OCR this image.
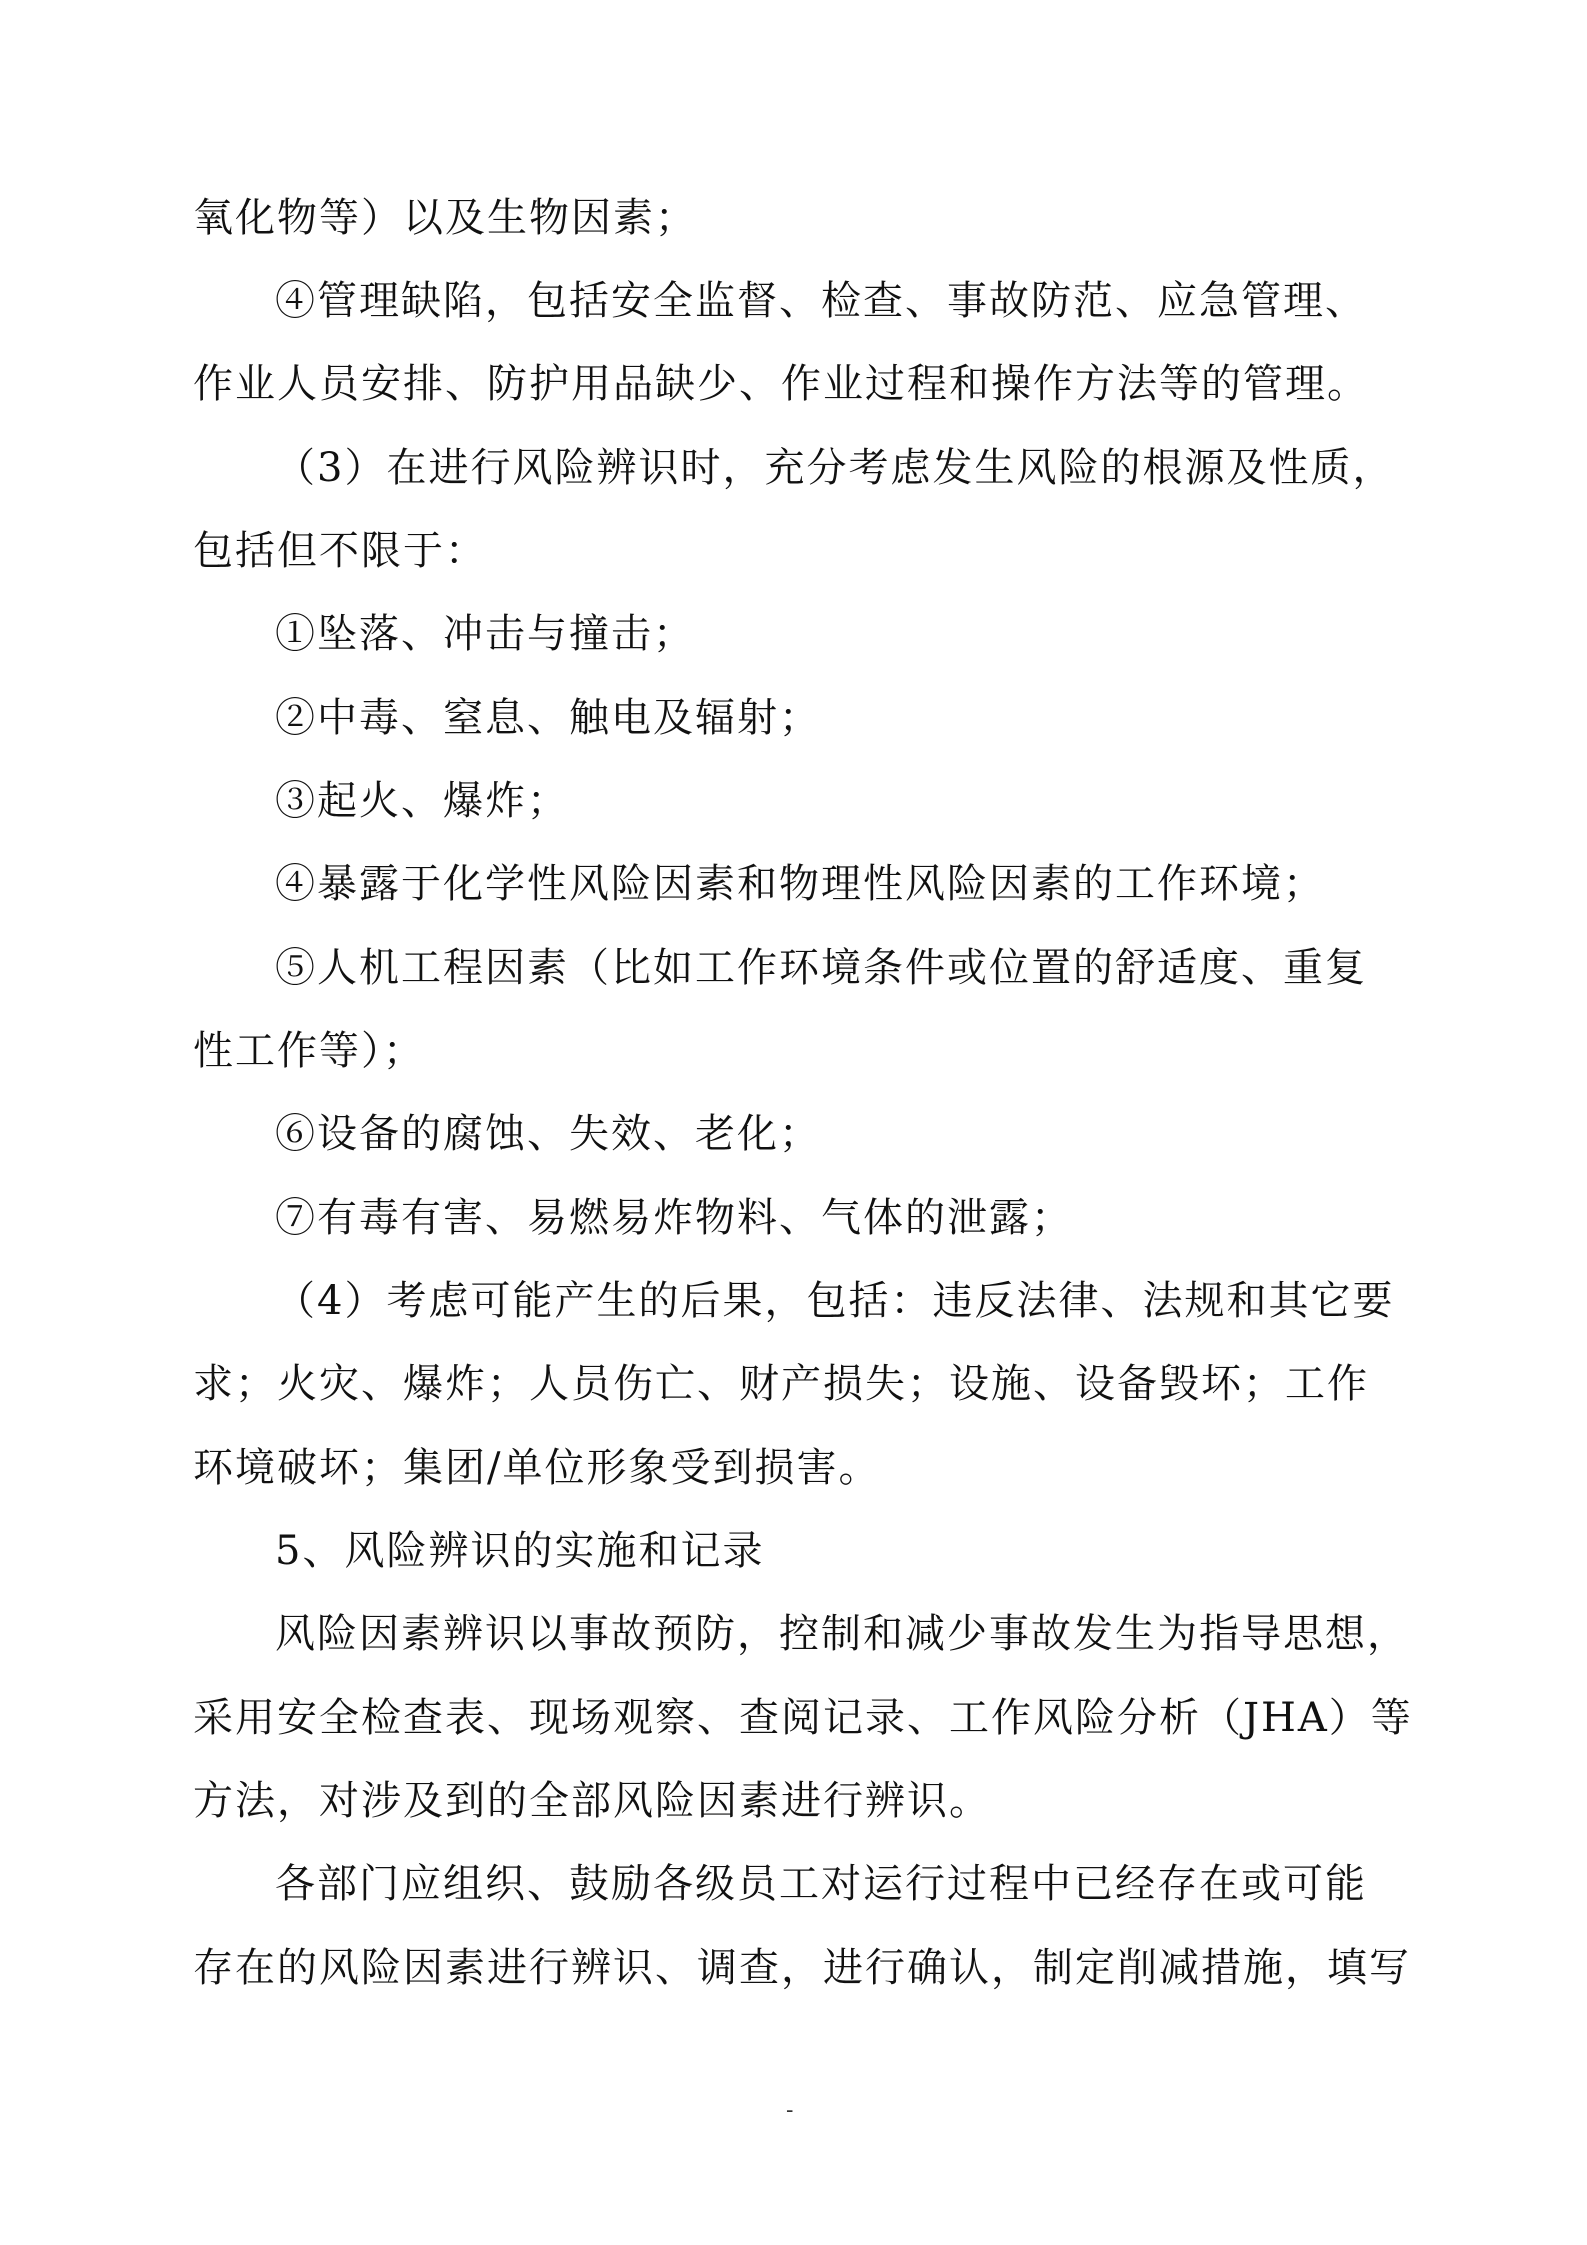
氧化物等）以及生物因素；
④管理缺陷，包括安全监督、检查、事故防范、应急管理、
作业人员安排、防护用品缺少、作业过程和操作方法等的管理。
（3）在进行风险辨识时，充分考虑发生风险的根源及性质，
包括但不限于：
①坠落、冲击与撞击；
②中毒、窒息、触电及辐射；
③起火、爆炸；
④暴露于化学性风险因素和物理性风险因素的工作环境；
⑤人机工程因素（比如工作环境条件或位置的舒适度、重复
性工作等）；
⑥设备的腐蚀、失效、老化；
⑦有毒有害、易燃易炸物料、气体的泄露；
（4）考虑可能产生的后果，包括：违反法律、法规和其它要
求；火灾、爆炸；人员伤亡、财产损失；设施、设备毁坏；工作
环境破坏；集团/单位形象受到损害。
5、风险辨识的实施和记录
风险因素辨识以事故预防，控制和减少事故发生为指导思想，
采用安全检查表、现场观察、查阅记录、工作风险分析（JHA）等
方法，对涉及到的全部风险因素进行辨识。
各部门应组织、鼓励各级员工对运行过程中已经存在或可能
存在的风险因素进行辨识、调查，进行确认，制定削减措施，填写
-
